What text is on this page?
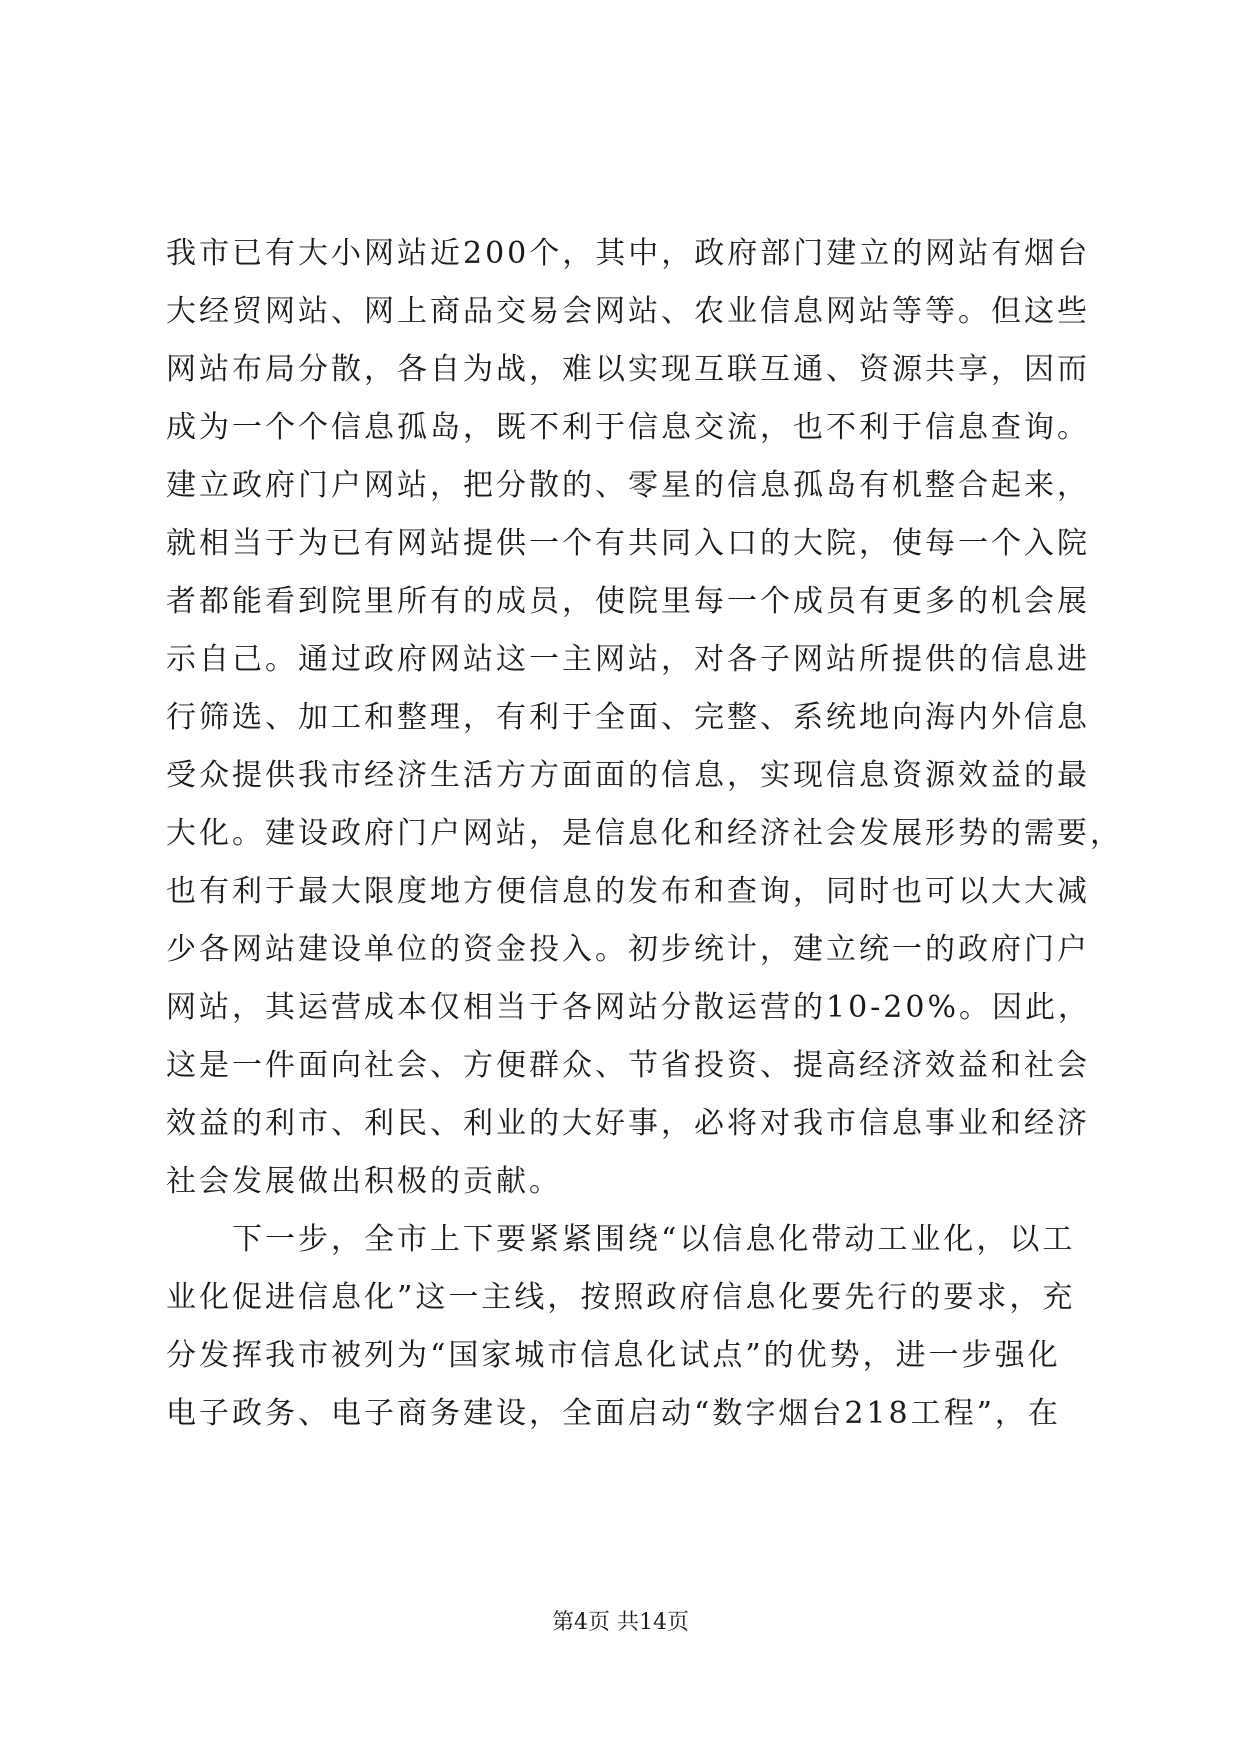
我市已有大小网站近200个，其中，政府部门建立的网站有烟台
大经贸网站、网上商品交易会网站、农业信息网站等等。但这些
网站布局分散，各自为战，难以实现互联互通、资源共享，因而
成为一个个信息孤岛，既不利于信息交流，也不利于信息查询。
建立政府门户网站，把分散的、零星的信息孤岛有机整合起来，
就相当于为已有网站提供一个有共同入口的大院，使每一个入院
者都能看到院里所有的成员，使院里每一个成员有更多的机会展
示自己。通过政府网站这一主网站，对各子网站所提供的信息进
行筛选、加工和整理，有利于全面、完整、系统地向海内外信息
受众提供我市经济生活方方面面的信息，实现信息资源效益的最
大化。建设政府门户网站，是信息化和经济社会发展形势的需要，
也有利于最大限度地方便信息的发布和查询，同时也可以大大减
少各网站建设单位的资金投入。初步统计，建立统一的政府门户
网站，其运营成本仅相当于各网站分散运营的10-20%。因此，
这是一件面向社会、方便群众、节省投资、提高经济效益和社会
效益的利市、利民、利业的大好事，必将对我市信息事业和经济
社会发展做出积极的贡献。
下一步，全市上下要紧紧围绕“以信息化带动工业化，以工
业化促进信息化”这一主线，按照政府信息化要先行的要求，充
分发挥我市被列为“国家城市信息化试点”的优势，进一步强化
电子政务、电子商务建设，全面启动“数字烟台218工程”，在
第4页 共14页
